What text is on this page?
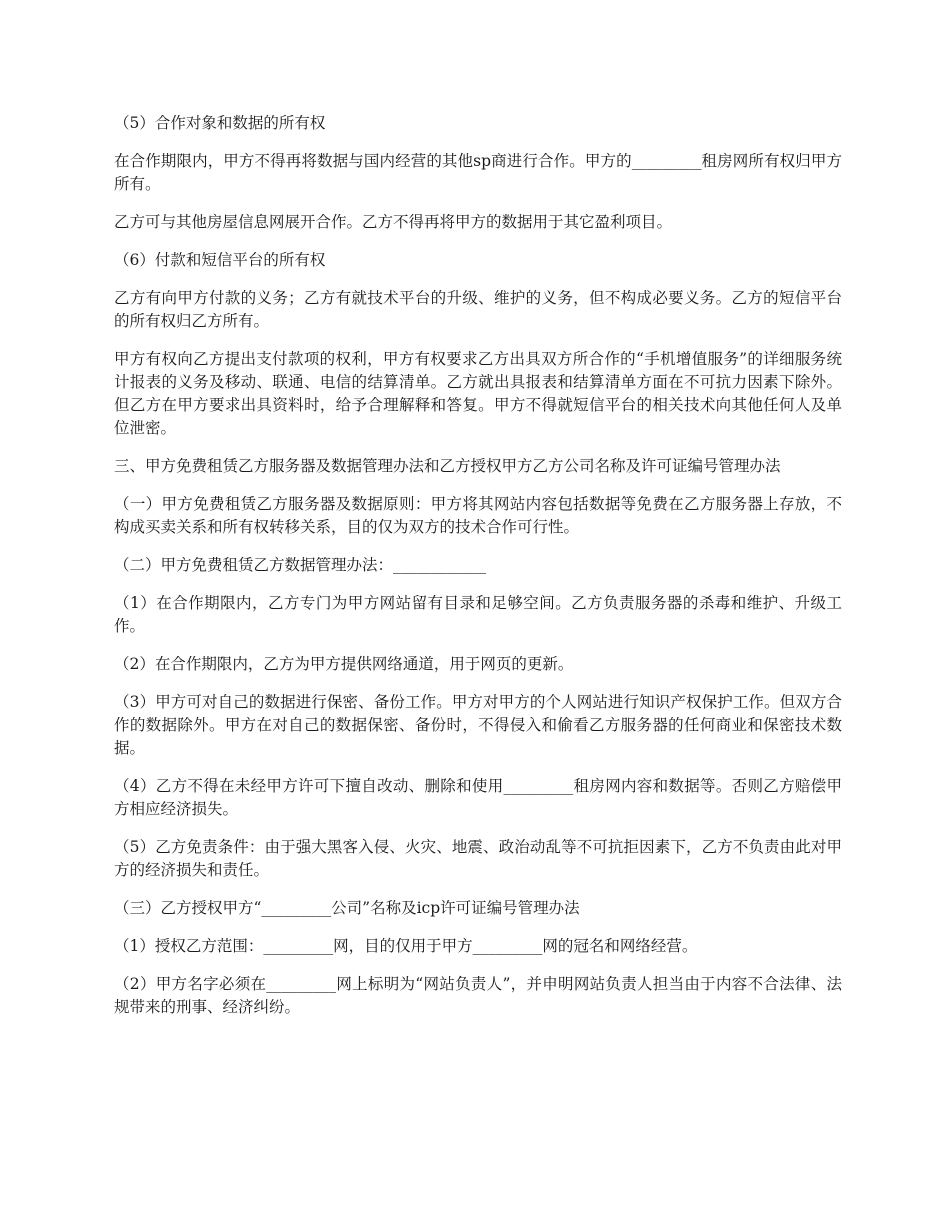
（5）合作对象和数据的所有权

在合作期限内，甲方不得再将数据与国内经营的其他sp商进行合作。甲方的_________租房网所有权归甲方所有。

乙方可与其他房屋信息网展开合作。乙方不得再将甲方的数据用于其它盈利项目。

（6）付款和短信平台的所有权

乙方有向甲方付款的义务；乙方有就技术平台的升级、维护的义务，但不构成必要义务。乙方的短信平台的所有权归乙方所有。

甲方有权向乙方提出支付款项的权利，甲方有权要求乙方出具双方所合作的“手机增值服务”的详细服务统计报表的义务及移动、联通、电信的结算清单。乙方就出具报表和结算清单方面在不可抗力因素下除外。但乙方在甲方要求出具资料时，给予合理解释和答复。甲方不得就短信平台的相关技术向其他任何人及单位泄密。

三、甲方免费租赁乙方服务器及数据管理办法和乙方授权甲方乙方公司名称及许可证编号管理办法

（一）甲方免费租赁乙方服务器及数据原则：甲方将其网站内容包括数据等免费在乙方服务器上存放，不构成买卖关系和所有权转移关系，目的仅为双方的技术合作可行性。

（二）甲方免费租赁乙方数据管理办法：____________

（1）在合作期限内，乙方专门为甲方网站留有目录和足够空间。乙方负责服务器的杀毒和维护、升级工作。

（2）在合作期限内，乙方为甲方提供网络通道，用于网页的更新。

（3）甲方可对自己的数据进行保密、备份工作。甲方对甲方的个人网站进行知识产权保护工作。但双方合作的数据除外。甲方在对自己的数据保密、备份时，不得侵入和偷看乙方服务器的任何商业和保密技术数据。

（4）乙方不得在未经甲方许可下擅自改动、删除和使用_________租房网内容和数据等。否则乙方赔偿甲方相应经济损失。

（5）乙方免责条件：由于强大黑客入侵、火灾、地震、政治动乱等不可抗拒因素下，乙方不负责由此对甲方的经济损失和责任。

（三）乙方授权甲方“_________公司”名称及icp许可证编号管理办法

（1）授权乙方范围：_________网，目的仅用于甲方_________网的冠名和网络经营。

（2）甲方名字必须在_________网上标明为“网站负责人”，并申明网站负责人担当由于内容不合法律、法规带来的刑事、经济纠纷。
